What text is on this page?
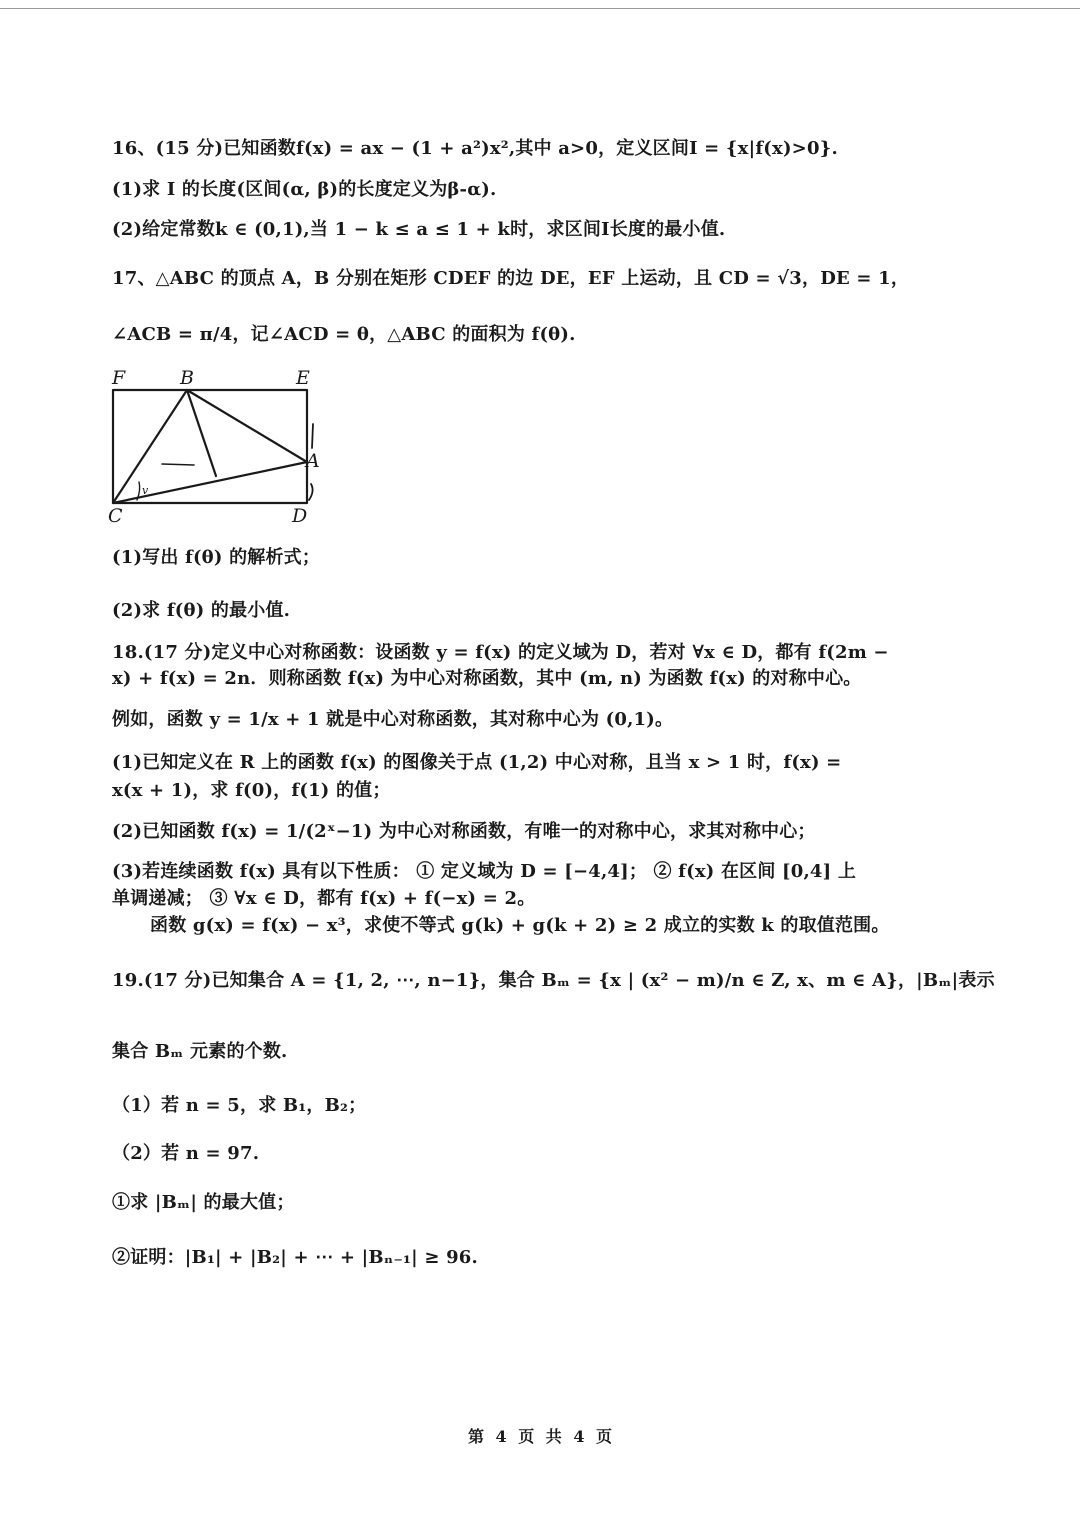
16、(15 分)已知函数f(x) = ax − (1 + a²)x²,其中 a>0，定义区间I = {x|f(x)>0}.
(1)求 I 的长度(区间(α, β)的长度定义为β-α).
(2)给定常数k ∈ (0,1),当 1 − k ≤ a ≤ 1 + k时，求区间I长度的最小值.
17、△ABC 的顶点 A，B 分别在矩形 CDEF 的边 DE，EF 上运动，且 CD = √3，DE = 1，
∠ACB = π/4，记∠ACD = θ，△ABC 的面积为 f(θ).
v
F	B	E
A
C	D
(1)写出 f(θ) 的解析式；
(2)求 f(θ) 的最小值.
18.(17 分)定义中心对称函数：设函数 y = f(x) 的定义域为 D，若对 ∀x ∈ D，都有 f(2m −
x) + f(x) = 2n．则称函数 f(x) 为中心对称函数，其中 (m, n) 为函数 f(x) 的对称中心。
例如，函数 y = 1/x + 1 就是中心对称函数，其对称中心为 (0,1)。
(1)已知定义在 R 上的函数 f(x) 的图像关于点 (1,2) 中心对称，且当 x > 1 时，f(x) =
x(x + 1)，求 f(0)，f(1) 的值；
(2)已知函数 f(x) = 1/(2ˣ−1) 为中心对称函数，有唯一的对称中心，求其对称中心；
(3)若连续函数 f(x) 具有以下性质： ① 定义域为 D = [−4,4]； ② f(x) 在区间 [0,4] 上
单调递减； ③ ∀x ∈ D，都有 f(x) + f(−x) = 2。
函数 g(x) = f(x) − x³，求使不等式 g(k) + g(k + 2) ≥ 2 成立的实数 k 的取值范围。
19.(17 分)已知集合 A = {1, 2, ⋯, n−1}，集合 Bₘ = {x | (x² − m)/n ∈ Z, x、m ∈ A}，|Bₘ|表示
集合 Bₘ 元素的个数.
（1）若 n = 5，求 B₁，B₂；
（2）若 n = 97.
①求 |Bₘ| 的最大值；
②证明：|B₁| + |B₂| + ⋯ + |Bₙ₋₁| ≥ 96.
第 4 页 共 4 页
